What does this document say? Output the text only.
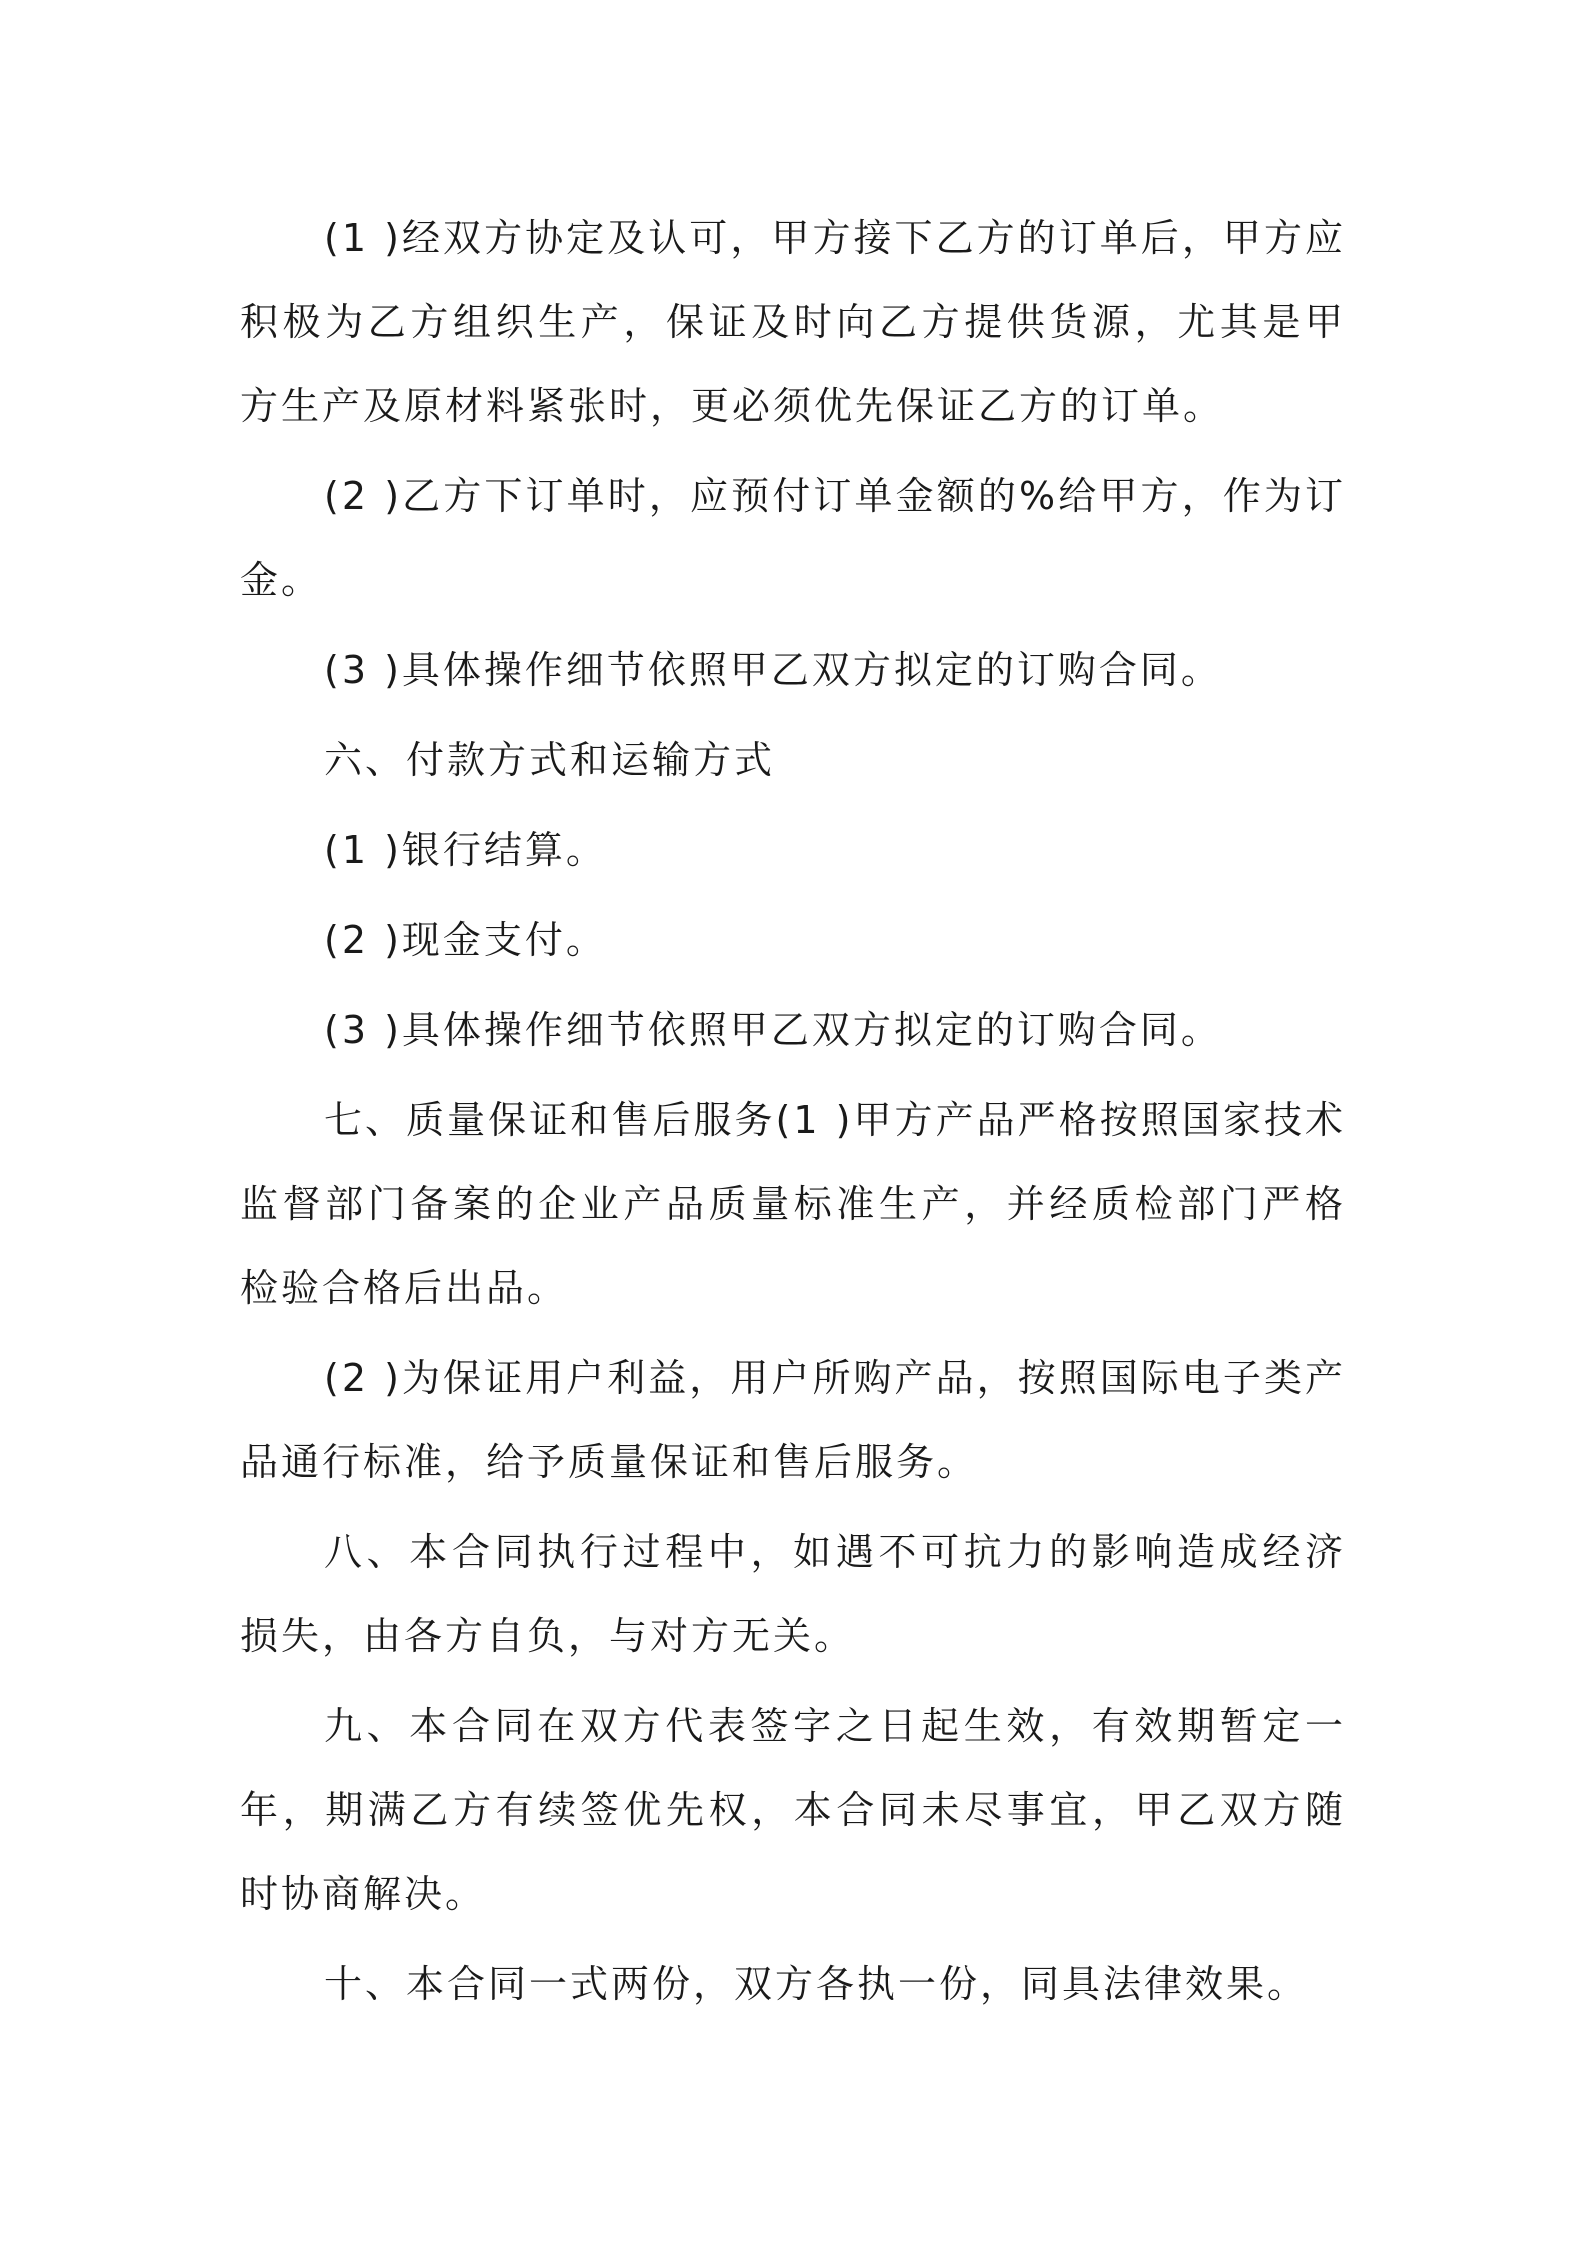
(1 )经双方协定及认可，甲方接下乙方的订单后，甲方应积极为乙方组织生产，保证及时向乙方提供货源，尤其是甲方生产及原材料紧张时，更必须优先保证乙方的订单。

(2 )乙方下订单时，应预付订单金额的%给甲方，作为订金。

(3 )具体操作细节依照甲乙双方拟定的订购合同。

六、付款方式和运输方式

(1 )银行结算。

(2 )现金支付。

(3 )具体操作细节依照甲乙双方拟定的订购合同。

七、质量保证和售后服务(1 )甲方产品严格按照国家技术监督部门备案的企业产品质量标准生产，并经质检部门严格检验合格后出品。

(2 )为保证用户利益，用户所购产品，按照国际电子类产品通行标准，给予质量保证和售后服务。

八、本合同执行过程中，如遇不可抗力的影响造成经济损失，由各方自负，与对方无关。

九、本合同在双方代表签字之日起生效，有效期暂定一年，期满乙方有续签优先权，本合同未尽事宜，甲乙双方随时协商解决。

十、本合同一式两份，双方各执一份，同具法律效果。
